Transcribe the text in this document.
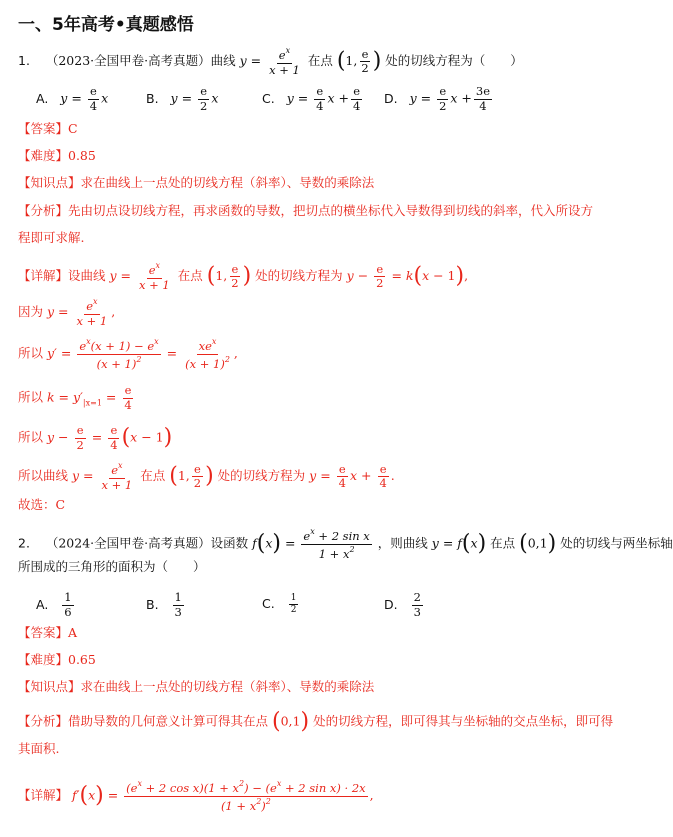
一、5年高考•真题感悟
1. （2023·全国甲卷·高考真题）曲线 $y = \frac{e^x}{x + 1}$ 在点 (1, $\frac{e}{2}$ ) 处的切线方程为（　　）
A. $y = \frac{e}{4}$ x	B. $y = \frac{e}{2}$ x	C. $y = \frac{e}{4}$ $x + \frac{e}{4} D$. $y = \frac{e}{2}$ $x + \frac{3e}{4}$
【答案】C
【难度】0.85
【知识点】求在曲线上一点处的切线方程（斜率）、导数的乘除法
【分析】先由切点设切线方程，再求函数的导数，把切点的横坐标代入导数得到切线的斜率，代入所设方
程即可求解.
【详解】设曲线 $y = \frac{e^x}{x + 1}$ 在点 (1, $\frac{e}{2}$ ) 处的切线方程为 $y - \frac{e}{2} = k(x - 1)$,
因为 $y = \frac{e^x}{x + 1}$ ,
所以 $y' = \frac{e^x(x + 1) - e^x}{(x + 1)^2} = \frac{xe^x}{(x + 1)^2}$ ,
所以 $k = y'_{|x=1} = \frac{e}{4}$
所以 $y - \frac{e}{2} = \frac{e}{4} (x - 1)$
所以曲线 $y = \frac{e^x}{x + 1}$ 在点 (1, $\frac{e}{2}$ ) 处的切线方程为 $y = \frac{e}{4}$ $x + \frac{e}{4}$ .
故选：C
2. （2024·全国甲卷·高考真题）设函数 $f(x) = \frac{e^x + 2 \sin x}{1 + x^2}$ ，则曲线 y = f(x) 在点 (0,1) 处的切线与两坐标轴
所围成的三角形的面积为（　　）
A. $\frac{1}{6}$	B. $\frac{1}{3}$	C. $\frac{1}{2}$	D. $\frac{2}{3}$
【答案】A
【难度】0.65
【知识点】求在曲线上一点处的切线方程（斜率）、导数的乘除法
【分析】借助导数的几何意义计算可得其在点 (0,1) 处的切线方程，即可得其与坐标轴的交点坐标，即可得
其面积.
【详解】 $f'(x) = \frac{(e^x + 2 \cos x)(1 + x^2) - (e^x + 2 \sin x) \cdot 2x}{(1 + x^2)^2}$ ,
